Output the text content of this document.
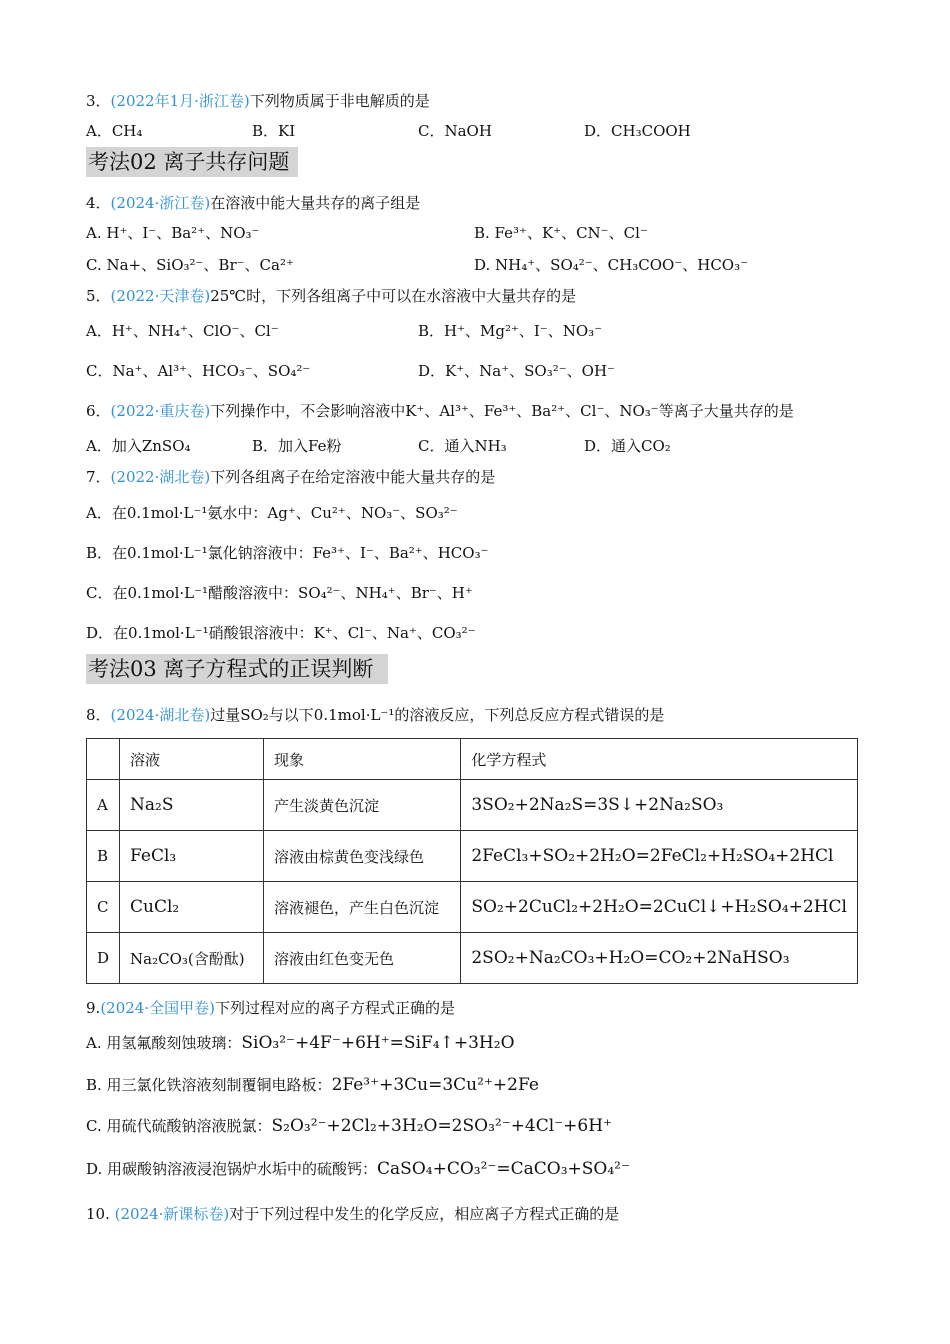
3．(2022年1月·浙江卷)下列物质属于非电解质的是
A．CH₄	B．KI	C．NaOH	D．CH₃COOH
考法02 离子共存问题
4．(2024·浙江卷)在溶液中能大量共存的离子组是
A. H⁺、I⁻、Ba²⁺、NO₃⁻	B. Fe³⁺、K⁺、CN⁻、Cl⁻
C. Na+、SiO₃²⁻、Br⁻、Ca²⁺	D. NH₄⁺、SO₄²⁻、CH₃COO⁻、HCO₃⁻
5．(2022·天津卷)25℃时，下列各组离子中可以在水溶液中大量共存的是
A．H⁺、NH₄⁺、ClO⁻、Cl⁻	B．H⁺、Mg²⁺、I⁻、NO₃⁻
C．Na⁺、Al³⁺、HCO₃⁻、SO₄²⁻	D．K⁺、Na⁺、SO₃²⁻、OH⁻
6．(2022·重庆卷)下列操作中，不会影响溶液中K⁺、Al³⁺、Fe³⁺、Ba²⁺、Cl⁻、NO₃⁻等离子大量共存的是
A．加入ZnSO₄	B．加入Fe粉	C．通入NH₃	D．通入CO₂
7．(2022·湖北卷)下列各组离子在给定溶液中能大量共存的是
A．在0.1mol·L⁻¹氨水中：Ag⁺、Cu²⁺、NO₃⁻、SO₃²⁻
B．在0.1mol·L⁻¹氯化钠溶液中：Fe³⁺、I⁻、Ba²⁺、HCO₃⁻
C．在0.1mol·L⁻¹醋酸溶液中：SO₄²⁻、NH₄⁺、Br⁻、H⁺
D．在0.1mol·L⁻¹硝酸银溶液中：K⁺、Cl⁻、Na⁺、CO₃²⁻
考法03 离子方程式的正误判断
8．(2024·湖北卷)过量SO₂与以下0.1mol·L⁻¹的溶液反应，下列总反应方程式错误的是
	溶液	现象	化学方程式
A	Na₂S	产生淡黄色沉淀	3SO₂+2Na₂S=3S↓+2Na₂SO₃
B	FeCl₃	溶液由棕黄色变浅绿色	2FeCl₃+SO₂+2H₂O=2FeCl₂+H₂SO₄+2HCl
C	CuCl₂	溶液褪色，产生白色沉淀	SO₂+2CuCl₂+2H₂O=2CuCl↓+H₂SO₄+2HCl
D	Na₂CO₃(含酚酞)	溶液由红色变无色	2SO₂+Na₂CO₃+H₂O=CO₂+2NaHSO₃
9.(2024·全国甲卷)下列过程对应的离子方程式正确的是
A. 用氢氟酸刻蚀玻璃：SiO₃²⁻+4F⁻+6H⁺=SiF₄↑+3H₂O
B. 用三氯化铁溶液刻制覆铜电路板：2Fe³⁺+3Cu=3Cu²⁺+2Fe
C. 用硫代硫酸钠溶液脱氯：S₂O₃²⁻+2Cl₂+3H₂O=2SO₃²⁻+4Cl⁻+6H⁺
D. 用碳酸钠溶液浸泡锅炉水垢中的硫酸钙：CaSO₄+CO₃²⁻=CaCO₃+SO₄²⁻
10. (2024·新课标卷)对于下列过程中发生的化学反应，相应离子方程式正确的是
